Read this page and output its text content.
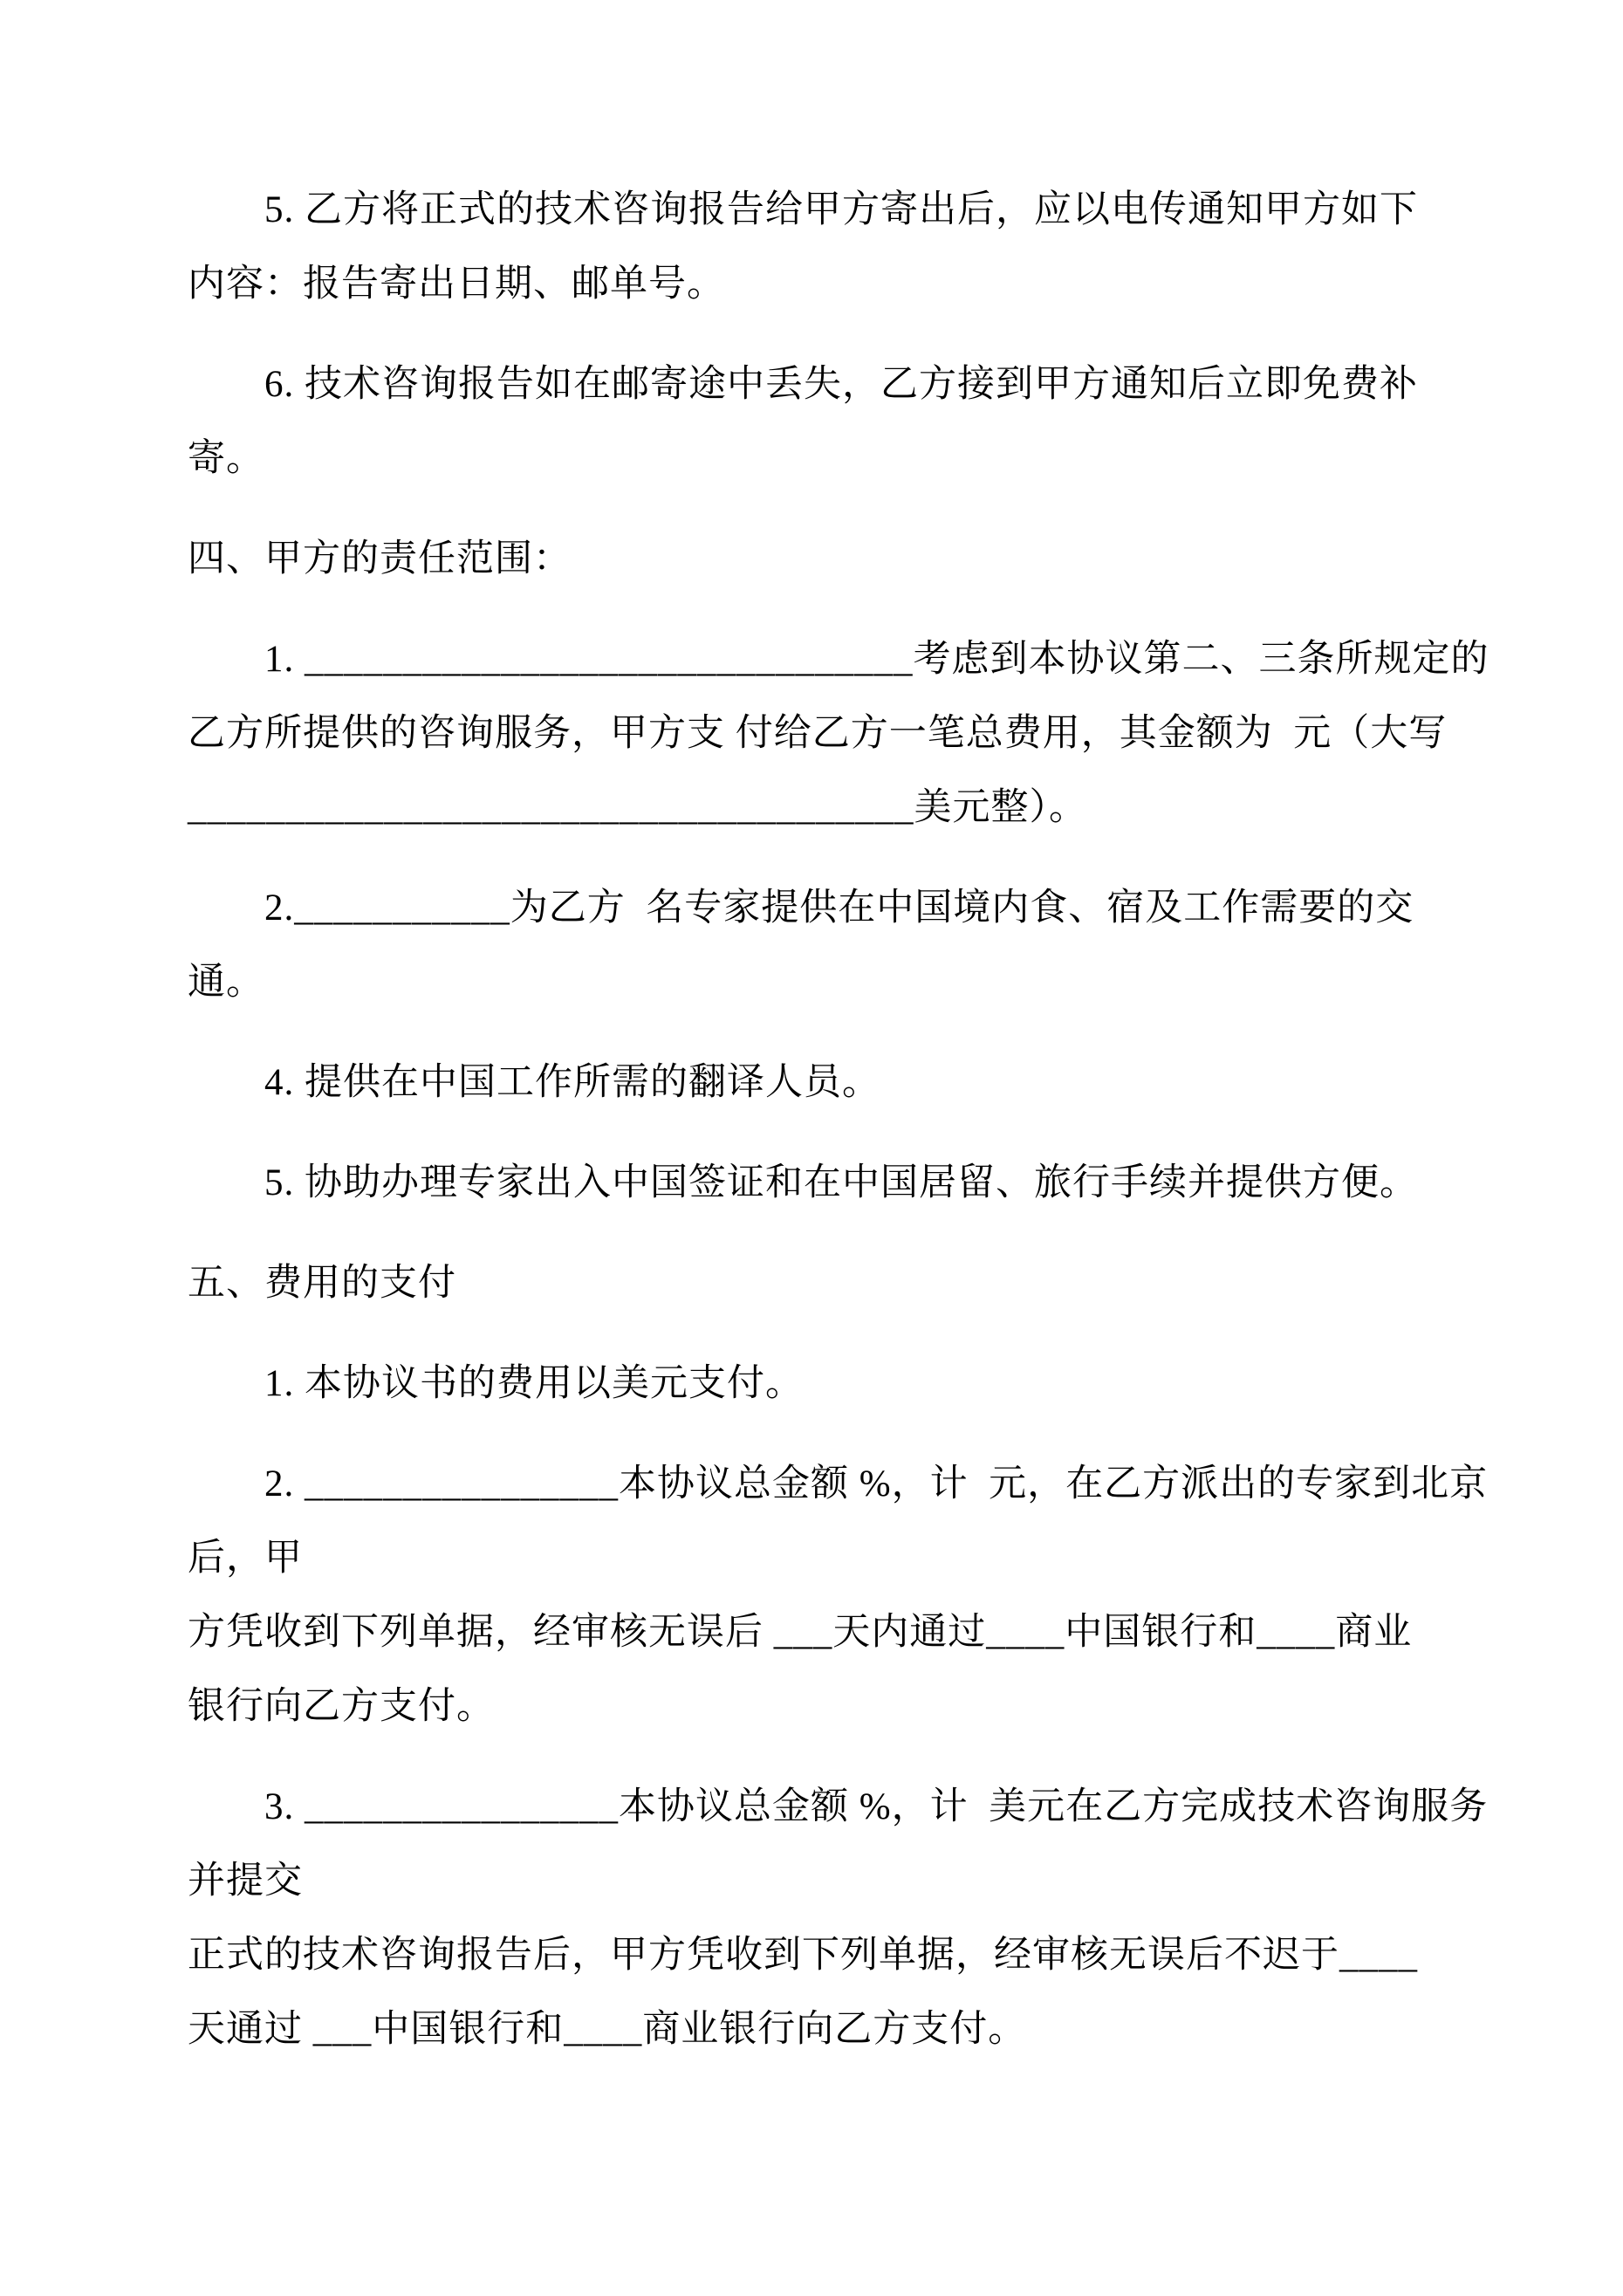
5. 乙方将正式的技术咨询报告给甲方寄出后，应以电传通知甲方如下
内容：报告寄出日期、邮单号。

6. 技术咨询报告如在邮寄途中丢失，乙方接到甲方通知后立即免费补
寄。

四、甲方的责任范围：

1. _______________________________考虑到本协议第二、三条所规定的
乙方所提供的咨询服务，甲方支 付给乙方一笔总费用，其金额为  元（大写
_____________________________________美元整）。

2.___________为乙方  名专家提供在中国境内食、宿及工作需要的交
通。

4. 提供在中国工作所需的翻译人员。

5. 协助办理专家出入中国签证和在中国居留、旅行手续并提供方便。

五、费用的支付

1. 本协议书的费用以美元支付。

2. ________________本协议总金额 %，计  元，在乙方派出的专家到北京
后，甲
方凭收到下列单据，经审核无误后 ___天内通过____中国银行和____商业
银行向乙方支付。

3. ________________本协议总金额 %，计  美元在乙方完成技术咨询服务
并提交
正式的技术咨询报告后，甲方凭收到下列单据，经审核无误后不迟于____
天通过 ___中国银行和____商业银行向乙方支付。
